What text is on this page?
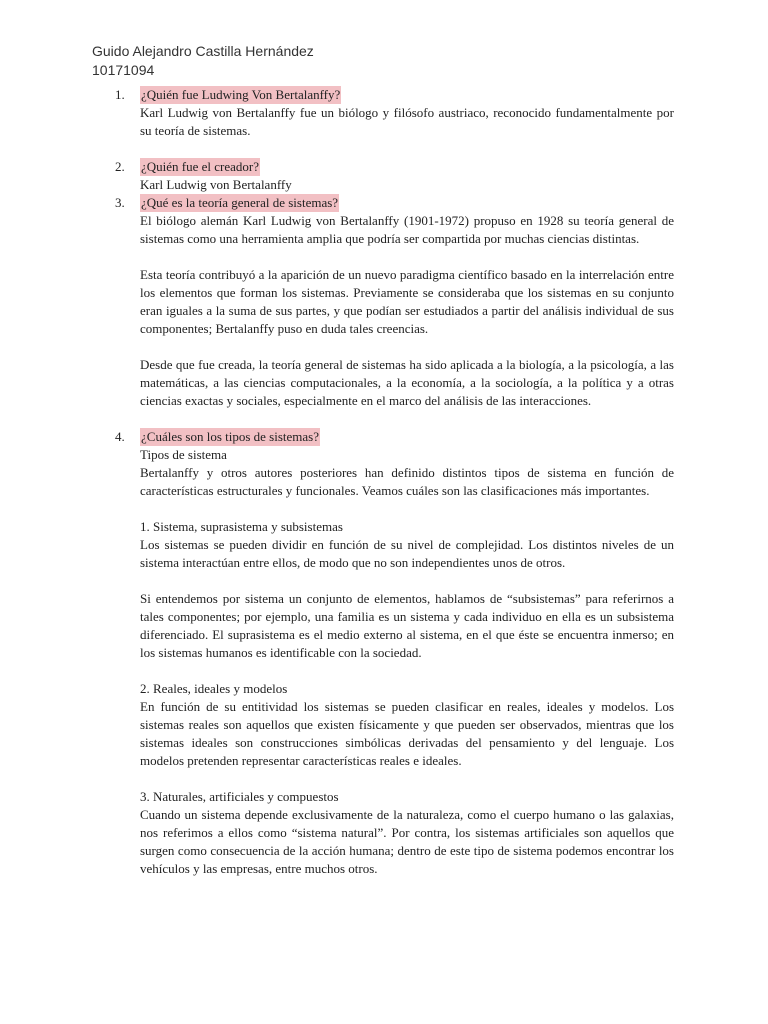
Guido Alejandro Castilla Hernández
10171094
1.	¿Quién fue Ludwing Von Bertalanffy?

Karl Ludwig von Bertalanffy fue un biólogo y filósofo austriaco, reconocido fundamentalmente por su teoría de sistemas.

2.	¿Quién fue el creador?

Karl Ludwig von Bertalanffy

3.	¿Qué es la teoría general de sistemas?

El biólogo alemán Karl Ludwig von Bertalanffy (1901-1972) propuso en 1928 su teoría general de sistemas como una herramienta amplia que podría ser compartida por muchas ciencias distintas.

Esta teoría contribuyó a la aparición de un nuevo paradigma científico basado en la interrelación entre los elementos que forman los sistemas. Previamente se consideraba que los sistemas en su conjunto eran iguales a la suma de sus partes, y que podían ser estudiados a partir del análisis individual de sus componentes; Bertalanffy puso en duda tales creencias.

Desde que fue creada, la teoría general de sistemas ha sido aplicada a la biología, a la psicología, a las matemáticas, a las ciencias computacionales, a la economía, a la sociología, a la política y a otras ciencias exactas y sociales, especialmente en el marco del análisis de las interacciones.

4.	¿Cuáles son los tipos de sistemas?

Tipos de sistema

Bertalanffy y otros autores posteriores han definido distintos tipos de sistema en función de características estructurales y funcionales. Veamos cuáles son las clasificaciones más importantes.

1. Sistema, suprasistema y subsistemas

Los sistemas se pueden dividir en función de su nivel de complejidad. Los distintos niveles de un sistema interactúan entre ellos, de modo que no son independientes unos de otros.

Si entendemos por sistema un conjunto de elementos, hablamos de “subsistemas” para referirnos a tales componentes; por ejemplo, una familia es un sistema y cada individuo en ella es un subsistema diferenciado. El suprasistema es el medio externo al sistema, en el que éste se encuentra inmerso; en los sistemas humanos es identificable con la sociedad.

2. Reales, ideales y modelos

En función de su entitividad los sistemas se pueden clasificar en reales, ideales y modelos. Los sistemas reales son aquellos que existen físicamente y que pueden ser observados, mientras que los sistemas ideales son construcciones simbólicas derivadas del pensamiento y del lenguaje. Los modelos pretenden representar características reales e ideales.

3. Naturales, artificiales y compuestos

Cuando un sistema depende exclusivamente de la naturaleza, como el cuerpo humano o las galaxias, nos referimos a ellos como “sistema natural”. Por contra, los sistemas artificiales son aquellos que surgen como consecuencia de la acción humana; dentro de este tipo de sistema podemos encontrar los vehículos y las empresas, entre muchos otros.
